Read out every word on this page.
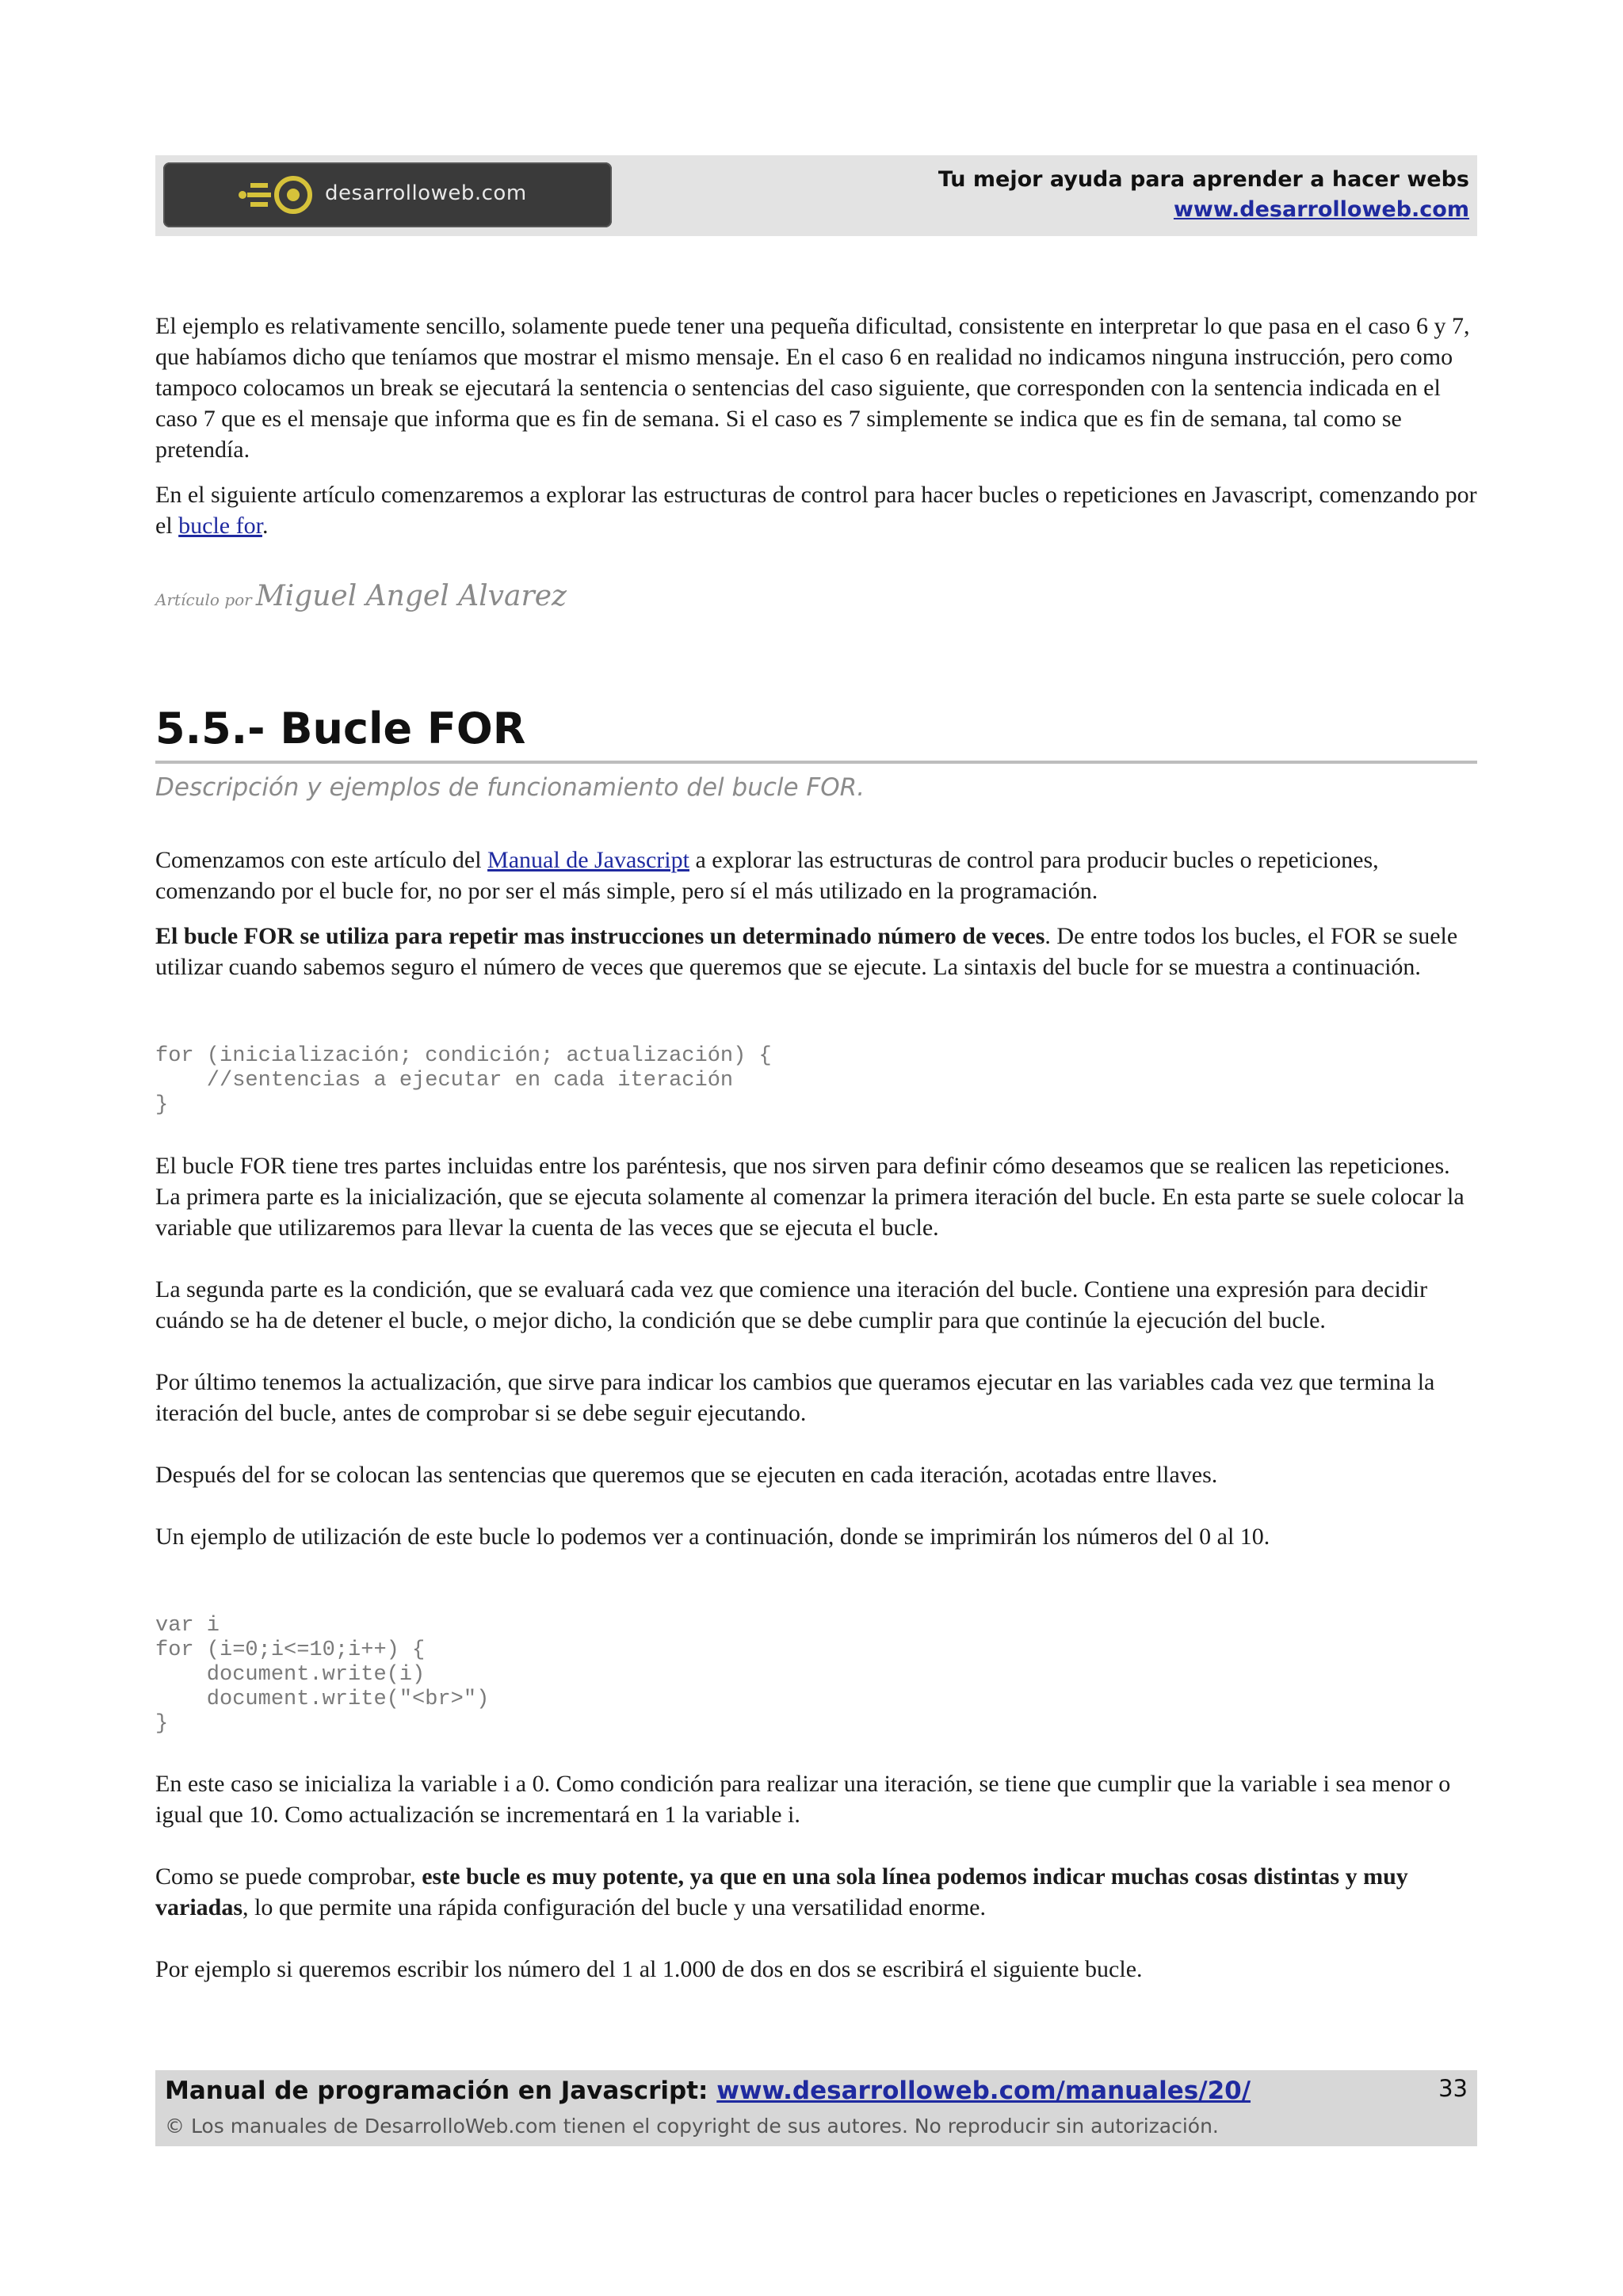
desarrolloweb.com
Tu mejor ayuda para aprender a hacer webs
www.desarrolloweb.com

El ejemplo es relativamente sencillo, solamente puede tener una pequeña dificultad, consistente en interpretar lo que pasa en el caso 6 y 7, que habíamos dicho que teníamos que mostrar el mismo mensaje. En el caso 6 en realidad no indicamos ninguna instrucción, pero como tampoco colocamos un break se ejecutará la sentencia o sentencias del caso siguiente, que corresponden con la sentencia indicada en el caso 7 que es el mensaje que informa que es fin de semana. Si el caso es 7 simplemente se indica que es fin de semana, tal como se pretendía.

En el siguiente artículo comenzaremos a explorar las estructuras de control para hacer bucles o repeticiones en Javascript, comenzando por el bucle for.

Artículo por Miguel Angel Alvarez
5.5.- Bucle FOR
Descripción y ejemplos de funcionamiento del bucle FOR.

Comenzamos con este artículo del Manual de Javascript a explorar las estructuras de control para producir bucles o repeticiones, comenzando por el bucle for, no por ser el más simple, pero sí el más utilizado en la programación.

El bucle FOR se utiliza para repetir mas instrucciones un determinado número de veces. De entre todos los bucles, el FOR se suele utilizar cuando sabemos seguro el número de veces que queremos que se ejecute. La sintaxis del bucle for se muestra a continuación.

for (inicialización; condición; actualización) {
//sentencias a ejecutar en cada iteración
}

El bucle FOR tiene tres partes incluidas entre los paréntesis, que nos sirven para definir cómo deseamos que se realicen las repeticiones. La primera parte es la inicialización, que se ejecuta solamente al comenzar la primera iteración del bucle. En esta parte se suele colocar la variable que utilizaremos para llevar la cuenta de las veces que se ejecuta el bucle.

La segunda parte es la condición, que se evaluará cada vez que comience una iteración del bucle. Contiene una expresión para decidir cuándo se ha de detener el bucle, o mejor dicho, la condición que se debe cumplir para que continúe la ejecución del bucle.

Por último tenemos la actualización, que sirve para indicar los cambios que queramos ejecutar en las variables cada vez que termina la iteración del bucle, antes de comprobar si se debe seguir ejecutando.

Después del for se colocan las sentencias que queremos que se ejecuten en cada iteración, acotadas entre llaves.

Un ejemplo de utilización de este bucle lo podemos ver a continuación, donde se imprimirán los números del 0 al 10.

var i
for (i=0;i<=10;i++) {
document.write(i)
document.write("<br>")
}

En este caso se inicializa la variable i a 0. Como condición para realizar una iteración, se tiene que cumplir que la variable i sea menor o igual que 10. Como actualización se incrementará en 1 la variable i.

Como se puede comprobar, este bucle es muy potente, ya que en una sola línea podemos indicar muchas cosas distintas y muy variadas, lo que permite una rápida configuración del bucle y una versatilidad enorme.

Por ejemplo si queremos escribir los número del 1 al 1.000 de dos en dos se escribirá el siguiente bucle.

Manual de programación en Javascript: www.desarrolloweb.com/manuales/20/
© Los manuales de DesarrolloWeb.com tienen el copyright de sus autores. No reproducir sin autorización.
33
